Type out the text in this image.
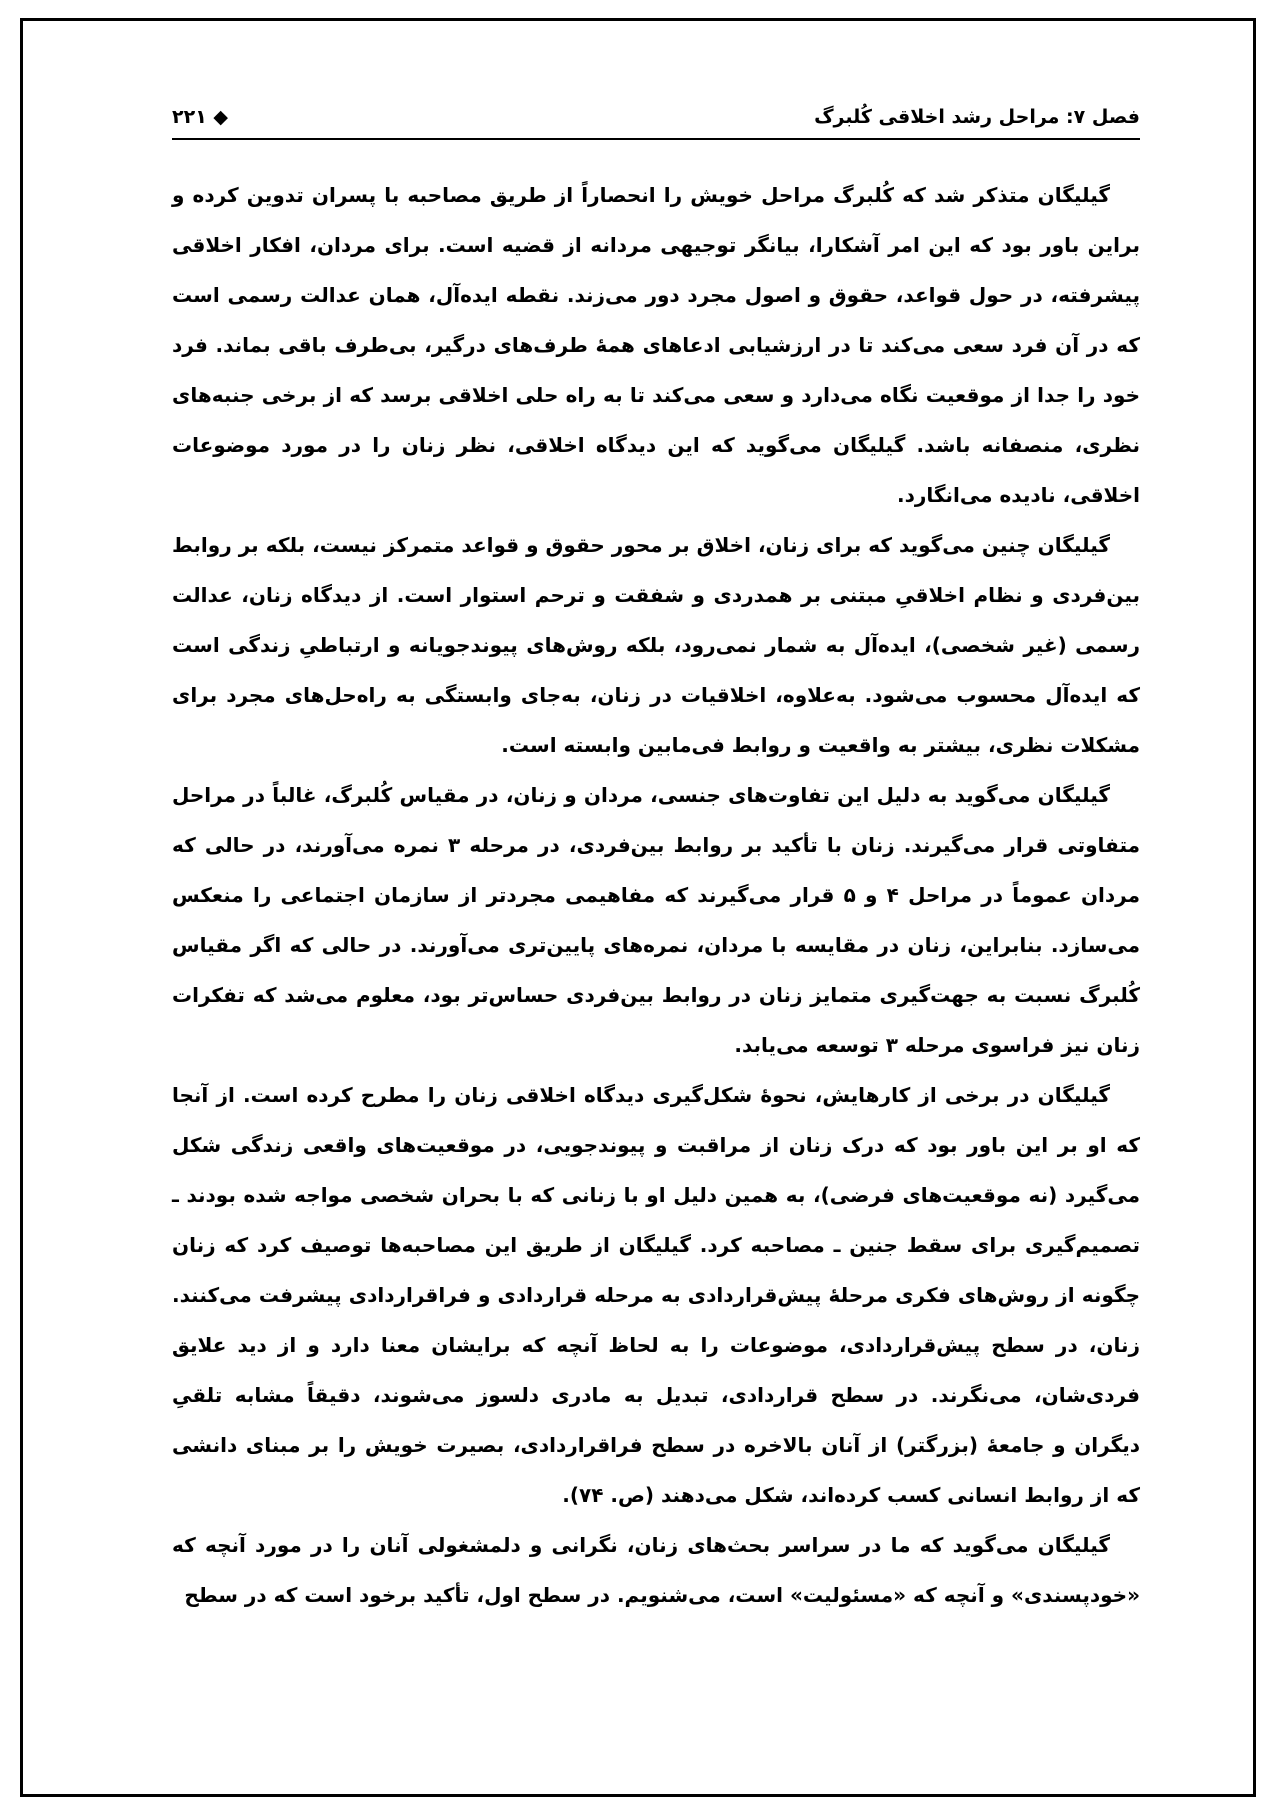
فصل ۷: مراحل رشد اخلاقی کُلبرگ
۲۲۱ ◆

گیلیگان متذکر شد که کُلبرگ مراحل خویش را انحصاراً از طریق مصاحبه با پسران تدوین کرده و براین باور بود که این امر آشکارا، بیانگر توجیهی مردانه از قضیه است. برای مردان، افکار اخلاقی پیشرفته، در حول قواعد، حقوق و اصول مجرد دور می‌زند. نقطه ایده‌آل، همان عدالت رسمی است که در آن فرد سعی می‌کند تا در ارزشیابی ادعاهای همهٔ طرف‌های درگیر، بی‌طرف باقی بماند. فرد خود را جدا از موقعیت نگاه می‌دارد و سعی می‌کند تا به راه حلی اخلاقی برسد که از برخی جنبه‌های نظری، منصفانه باشد. گیلیگان می‌گوید که این دیدگاه اخلاقی، نظر زنان را در مورد موضوعات اخلاقی، نادیده می‌انگارد.

گیلیگان چنین می‌گوید که برای زنان، اخلاق بر محور حقوق و قواعد متمرکز نیست، بلکه بر روابط بین‌فردی و نظام اخلاقیِ مبتنی بر همدردی و شفقت و ترحم استوار است. از دیدگاه زنان، عدالت رسمی (غیر شخصی)، ایده‌آل به شمار نمی‌رود، بلکه روش‌های پیوندجویانه و ارتباطیِ زندگی است که ایده‌آل محسوب می‌شود. به‌علاوه، اخلاقیات در زنان، به‌جای وابستگی به راه‌حل‌های مجرد برای مشکلات نظری، بیشتر به واقعیت و روابط فی‌مابین وابسته است.

گیلیگان می‌گوید به دلیل این تفاوت‌های جنسی، مردان و زنان، در مقیاس کُلبرگ، غالباً در مراحل متفاوتی قرار می‌گیرند. زنان با تأکید بر روابط بین‌فردی، در مرحله ۳ نمره می‌آورند، در حالی که مردان عموماً در مراحل ۴ و ۵ قرار می‌گیرند که مفاهیمی مجردتر از سازمان اجتماعی را منعکس می‌سازد. بنابراین، زنان در مقایسه با مردان، نمره‌های پایین‌تری می‌آورند. در حالی که اگر مقیاس کُلبرگ نسبت به جهت‌گیری متمایز زنان در روابط بین‌فردی حساس‌تر بود، معلوم می‌شد که تفکرات زنان نیز فراسوی مرحله ۳ توسعه می‌یابد.

گیلیگان در برخی از کارهایش، نحوهٔ شکل‌گیری دیدگاه اخلاقی زنان را مطرح کرده است. از آنجا که او بر این باور بود که درک زنان از مراقبت و پیوندجویی، در موقعیت‌های واقعی زندگی شکل می‌گیرد (نه موقعیت‌های فرضی)، به همین دلیل او با زنانی که با بحران شخصی مواجه شده بودند ـ تصمیم‌گیری برای سقط جنین ـ مصاحبه کرد. گیلیگان از طریق این مصاحبه‌ها توصیف کرد که زنان چگونه از روش‌های فکری مرحلهٔ پیش‌قراردادی به مرحله قراردادی و فراقراردادی پیشرفت می‌کنند. زنان، در سطح پیش‌قراردادی، موضوعات را به لحاظ آنچه که برایشان معنا دارد و از دید علایق فردی‌شان، می‌نگرند. در سطح قراردادی، تبدیل به مادری دلسوز می‌شوند، دقیقاً مشابه تلقیِ دیگران و جامعهٔ (بزرگتر) از آنان بالاخره در سطح فراقراردادی، بصیرت خویش را بر مبنای دانشی که از روابط انسانی کسب کرده‌اند، شکل می‌دهند (ص. ۷۴).

گیلیگان می‌گوید که ما در سراسر بحث‌های زنان، نگرانی و دلمشغولی آنان را در مورد آنچه که «خودپسندی» و آنچه که «مسئولیت» است، می‌شنویم. در سطح اول، تأکید برخود است که در سطح
